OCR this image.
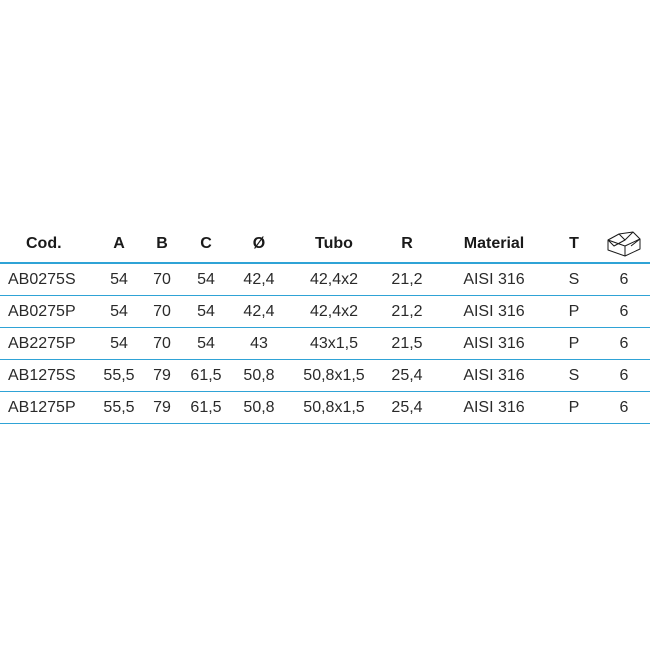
Cod.	A	B	C	Ø	Tubo	R	Material	T	

AB0275S	54	70	54	42,4	42,4x2	21,2	AISI 316	S	6
AB0275P	54	70	54	42,4	42,4x2	21,2	AISI 316	P	6
AB2275P	54	70	54	43	43x1,5	21,5	AISI 316	P	6
AB1275S	55,5	79	61,5	50,8	50,8x1,5	25,4	AISI 316	S	6
AB1275P	55,5	79	61,5	50,8	50,8x1,5	25,4	AISI 316	P	6
